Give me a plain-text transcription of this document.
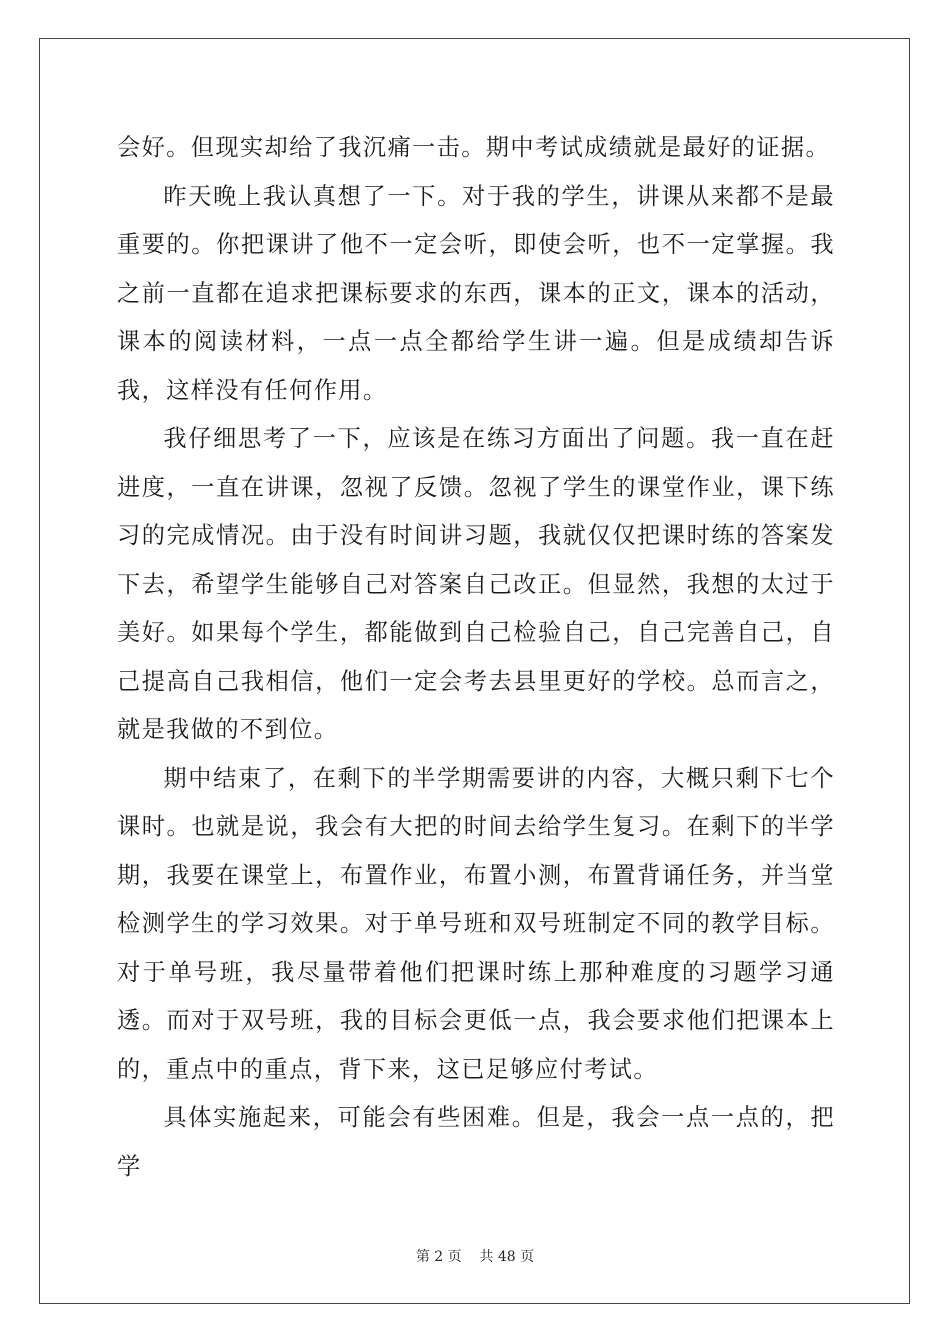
会好。但现实却给了我沉痛一击。期中考试成绩就是最好的证据。

昨天晚上我认真想了一下。对于我的学生，讲课从来都不是最重要的。你把课讲了他不一定会听，即使会听，也不一定掌握。我之前一直都在追求把课标要求的东西，课本的正文，课本的活动，课本的阅读材料，一点一点全都给学生讲一遍。但是成绩却告诉我，这样没有任何作用。

我仔细思考了一下，应该是在练习方面出了问题。我一直在赶进度，一直在讲课，忽视了反馈。忽视了学生的课堂作业，课下练习的完成情况。由于没有时间讲习题，我就仅仅把课时练的答案发下去，希望学生能够自己对答案自己改正。但显然，我想的太过于美好。如果每个学生，都能做到自己检验自己，自己完善自己，自己提高自己我相信，他们一定会考去县里更好的学校。总而言之，就是我做的不到位。

期中结束了，在剩下的半学期需要讲的内容，大概只剩下七个课时。也就是说，我会有大把的时间去给学生复习。在剩下的半学期，我要在课堂上，布置作业，布置小测，布置背诵任务，并当堂检测学生的学习效果。对于单号班和双号班制定不同的教学目标。对于单号班，我尽量带着他们把课时练上那种难度的习题学习通透。而对于双号班，我的目标会更低一点，我会要求他们把课本上的，重点中的重点，背下来，这已足够应付考试。

具体实施起来，可能会有些困难。但是，我会一点一点的，把学

第 2 页    共 48 页
